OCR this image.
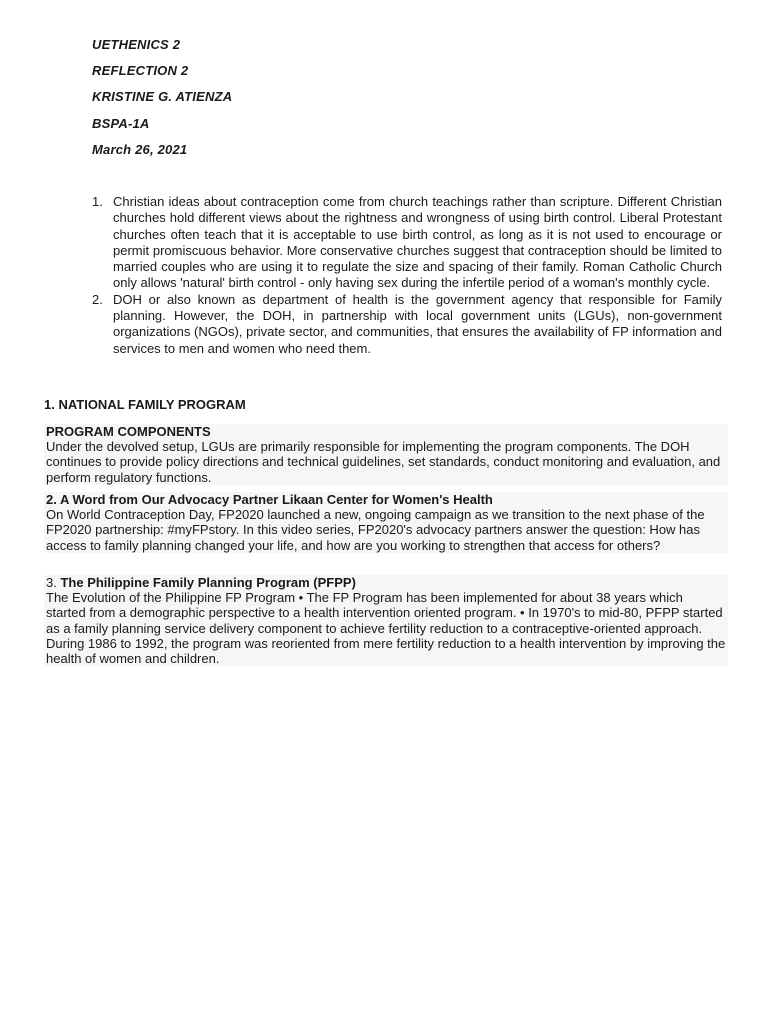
UETHENICS 2
REFLECTION 2
KRISTINE G. ATIENZA
BSPA-1A
March 26, 2021
1. Christian ideas about contraception come from church teachings rather than scripture. Different Christian churches hold different views about the rightness and wrongness of using birth control. Liberal Protestant churches often teach that it is acceptable to use birth control, as long as it is not used to encourage or permit promiscuous behavior. More conservative churches suggest that contraception should be limited to married couples who are using it to regulate the size and spacing of their family. Roman Catholic Church only allows 'natural' birth control - only having sex during the infertile period of a woman's monthly cycle.
2. DOH or also known as department of health is the government agency that responsible for Family planning. However, the DOH, in partnership with local government units (LGUs), non-government organizations (NGOs), private sector, and communities, that ensures the availability of FP information and services to men and women who need them.
1. NATIONAL FAMILY PROGRAM
PROGRAM COMPONENTS
Under the devolved setup, LGUs are primarily responsible for implementing the program components. The DOH continues to provide policy directions and technical guidelines, set standards, conduct monitoring and evaluation, and perform regulatory functions.
2. A Word from Our Advocacy Partner Likaan Center for Women's Health
On World Contraception Day, FP2020 launched a new, ongoing campaign as we transition to the next phase of the FP2020 partnership: #myFPstory. In this video series, FP2020's advocacy partners answer the question: How has access to family planning changed your life, and how are you working to strengthen that access for others?
3. The Philippine Family Planning Program (PFPP)
The Evolution of the Philippine FP Program • The FP Program has been implemented for about 38 years which started from a demographic perspective to a health intervention oriented program. • In 1970's to mid-80, PFPP started as a family planning service delivery component to achieve fertility reduction to a contraceptive-oriented approach. During 1986 to 1992, the program was reoriented from mere fertility reduction to a health intervention by improving the health of women and children.
